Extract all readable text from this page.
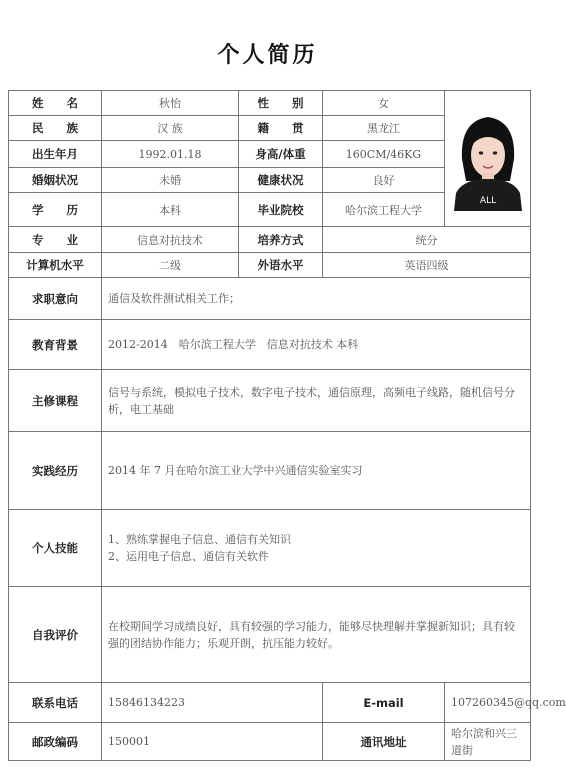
个人简历
姓　　名	秋怡	性　　别	女	ALL

民　　族	汉 族	籍　　贯	黑龙江	
出生年月	1992.01.18	身高/体重	160CM/46KG	
婚姻状况	未婚	健康状况	良好	
学　　历	本科	毕业院校	哈尔滨工程大学	
专　　业	信息对抗技术	培养方式	统分	
计算机水平	二级	外语水平	英语四级	
求职意向	通信及软件测试相关工作；			
教育背景	2012-2014　哈尔滨工程大学　信息对抗技术 本科			
主修课程	信号与系统，模拟电子技术，数字电子技术，通信原理，高频电子线路，随机信号分析，电工基础			
实践经历	2014 年 7 月在哈尔滨工业大学中兴通信实验室实习			
个人技能	1、熟练掌握电子信息、通信有关知识
2、运用电子信息、通信有关软件			

自我评价	在校期间学习成绩良好，具有较强的学习能力，能够尽快理解并掌握新知识；具有较强的团结协作能力；乐观开朗，抗压能力较好。			
联系电话	15846134223		E-mail	107260345@qq.com
邮政编码	150001		通讯地址	哈尔滨和兴三道街
